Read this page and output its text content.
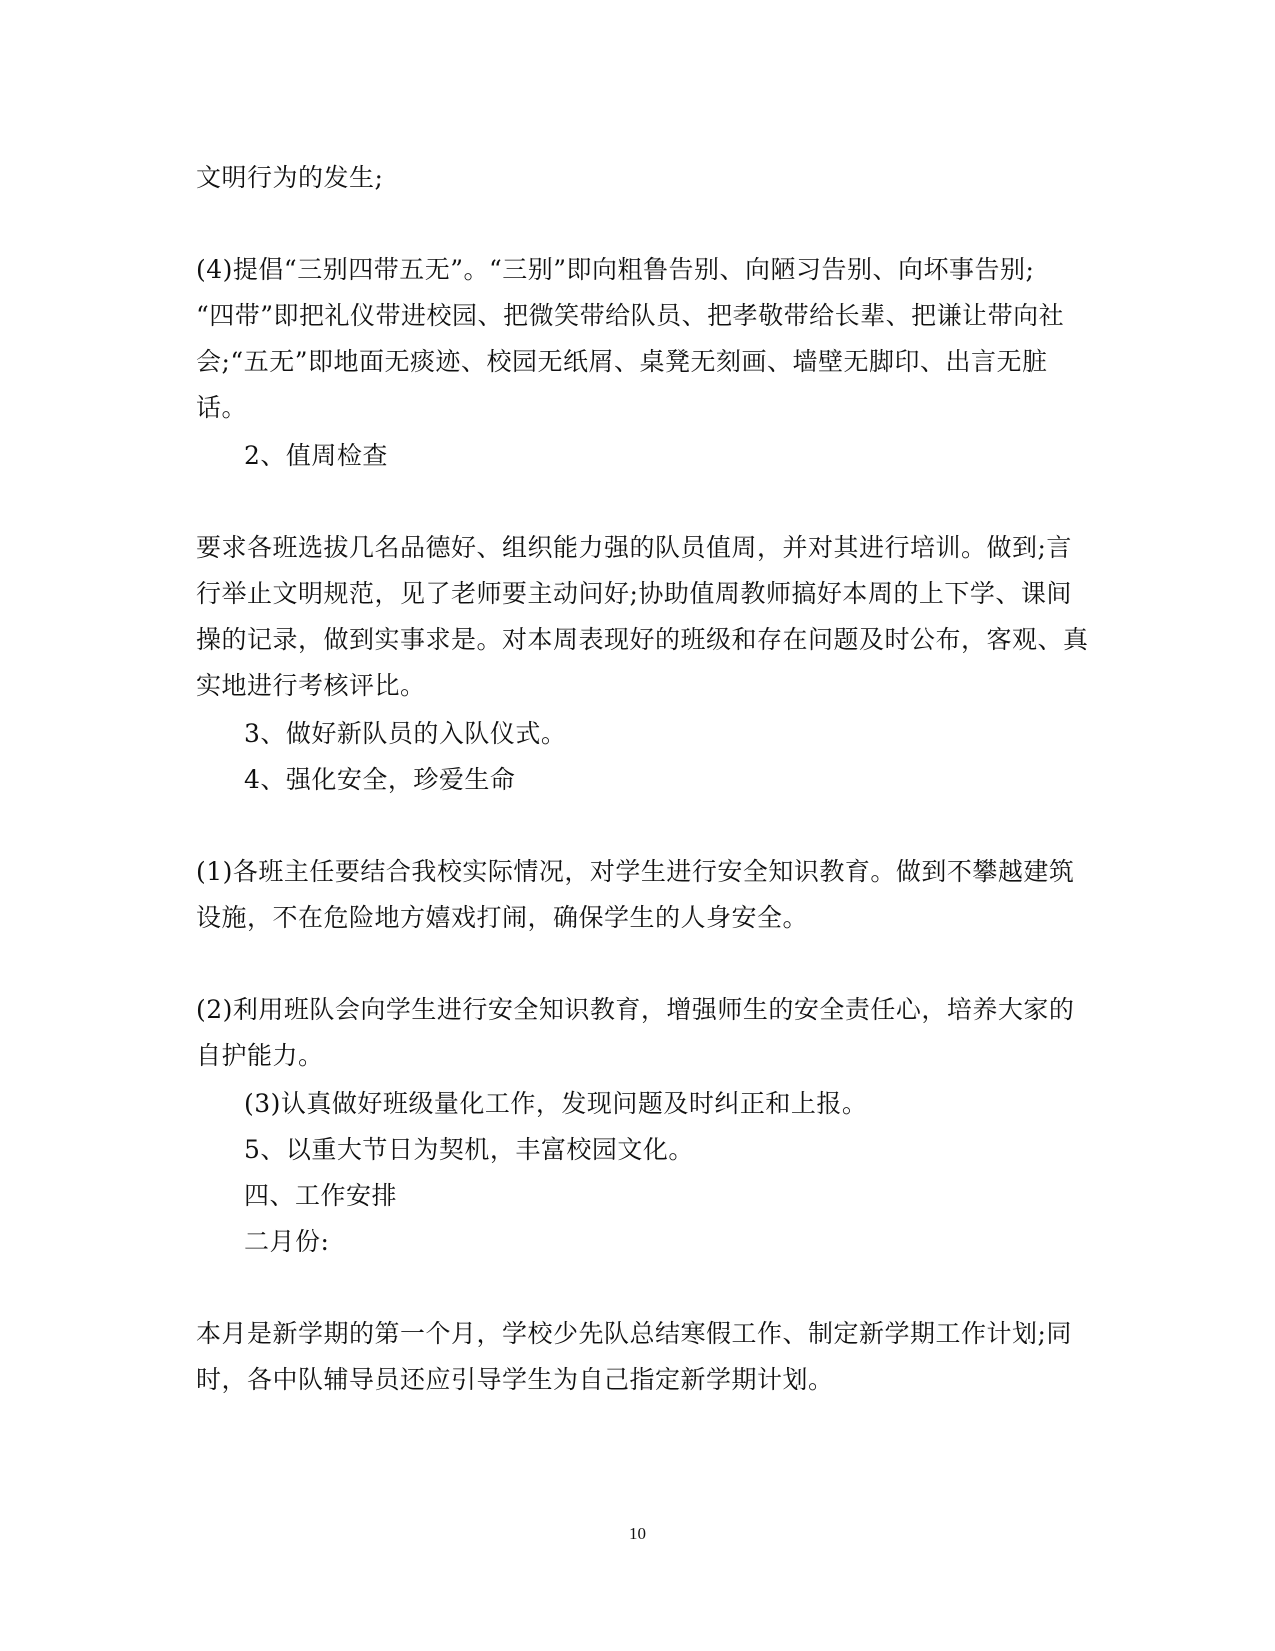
文明行为的发生;
(4)提倡“三别四带五无”。“三别”即向粗鲁告别、向陋习告别、向坏事告别;
“四带”即把礼仪带进校园、把微笑带给队员、把孝敬带给长辈、把谦让带向社
会;“五无”即地面无痰迹、校园无纸屑、桌凳无刻画、墙壁无脚印、出言无脏
话。
2、值周检查
要求各班选拔几名品德好、组织能力强的队员值周，并对其进行培训。做到;言
行举止文明规范，见了老师要主动问好;协助值周教师搞好本周的上下学、课间
操的记录，做到实事求是。对本周表现好的班级和存在问题及时公布，客观、真
实地进行考核评比。
3、做好新队员的入队仪式。
4、强化安全，珍爱生命
(1)各班主任要结合我校实际情况，对学生进行安全知识教育。做到不攀越建筑
设施，不在危险地方嬉戏打闹，确保学生的人身安全。
(2)利用班队会向学生进行安全知识教育，增强师生的安全责任心，培养大家的
自护能力。
(3)认真做好班级量化工作，发现问题及时纠正和上报。
5、以重大节日为契机，丰富校园文化。
四、工作安排
二月份:
本月是新学期的第一个月，学校少先队总结寒假工作、制定新学期工作计划;同
时，各中队辅导员还应引导学生为自己指定新学期计划。
10
